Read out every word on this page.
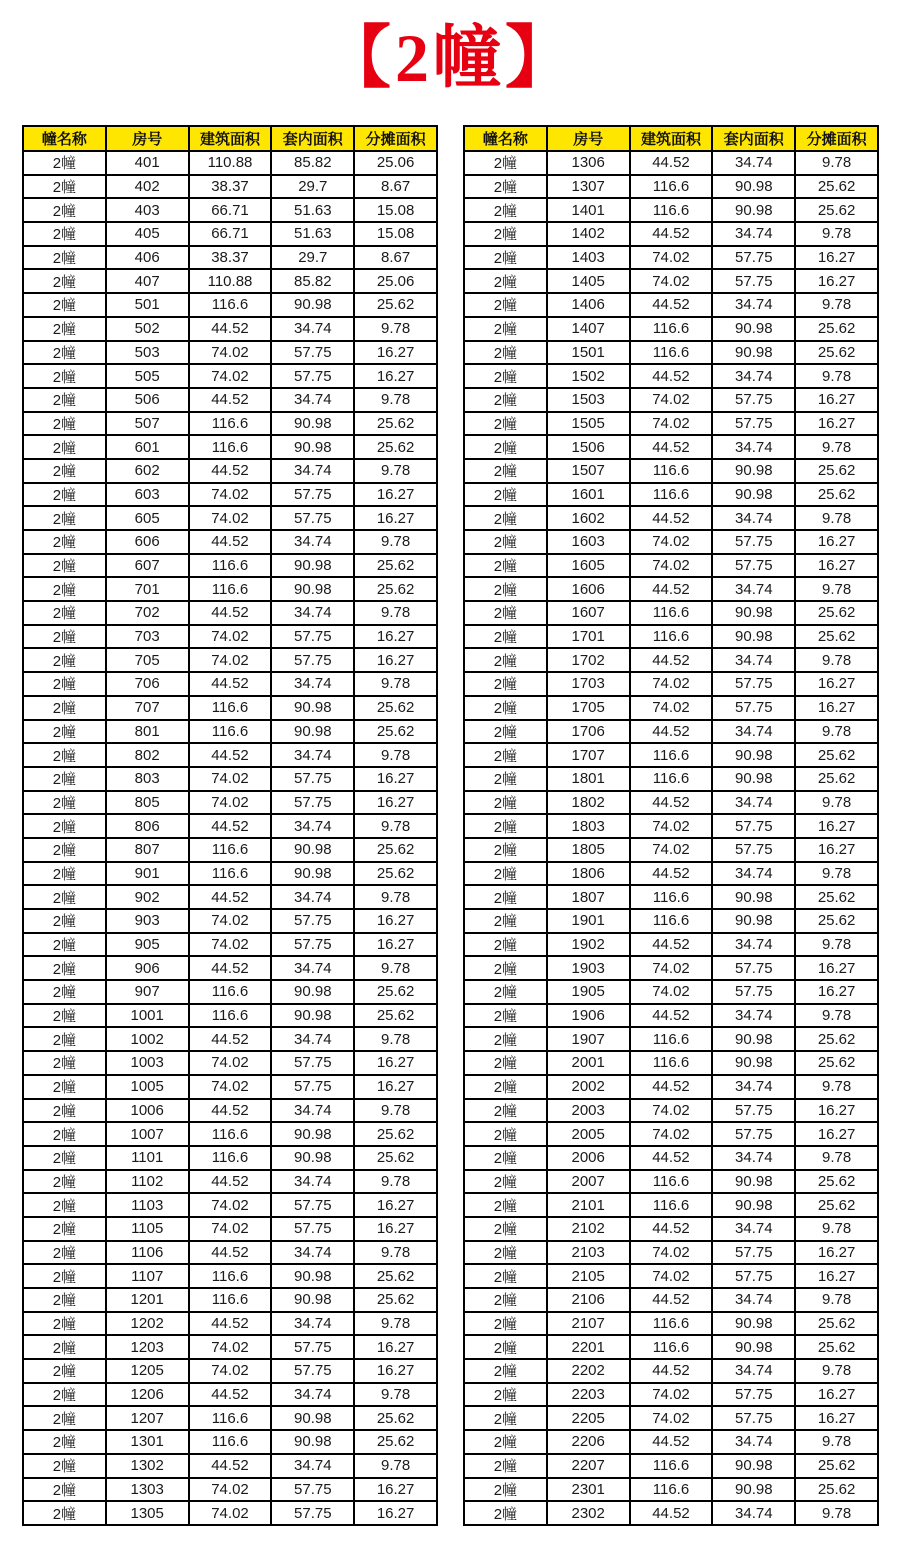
【2幢】
幢名称	房号	建筑面积	套内面积	分摊面积
2幢	401	110.88	85.82	25.06
2幢	402	38.37	29.7	8.67
2幢	403	66.71	51.63	15.08
2幢	405	66.71	51.63	15.08
2幢	406	38.37	29.7	8.67
2幢	407	110.88	85.82	25.06
2幢	501	116.6	90.98	25.62
2幢	502	44.52	34.74	9.78
2幢	503	74.02	57.75	16.27
2幢	505	74.02	57.75	16.27
2幢	506	44.52	34.74	9.78
2幢	507	116.6	90.98	25.62
2幢	601	116.6	90.98	25.62
2幢	602	44.52	34.74	9.78
2幢	603	74.02	57.75	16.27
2幢	605	74.02	57.75	16.27
2幢	606	44.52	34.74	9.78
2幢	607	116.6	90.98	25.62
2幢	701	116.6	90.98	25.62
2幢	702	44.52	34.74	9.78
2幢	703	74.02	57.75	16.27
2幢	705	74.02	57.75	16.27
2幢	706	44.52	34.74	9.78
2幢	707	116.6	90.98	25.62
2幢	801	116.6	90.98	25.62
2幢	802	44.52	34.74	9.78
2幢	803	74.02	57.75	16.27
2幢	805	74.02	57.75	16.27
2幢	806	44.52	34.74	9.78
2幢	807	116.6	90.98	25.62
2幢	901	116.6	90.98	25.62
2幢	902	44.52	34.74	9.78
2幢	903	74.02	57.75	16.27
2幢	905	74.02	57.75	16.27
2幢	906	44.52	34.74	9.78
2幢	907	116.6	90.98	25.62
2幢	1001	116.6	90.98	25.62
2幢	1002	44.52	34.74	9.78
2幢	1003	74.02	57.75	16.27
2幢	1005	74.02	57.75	16.27
2幢	1006	44.52	34.74	9.78
2幢	1007	116.6	90.98	25.62
2幢	1101	116.6	90.98	25.62
2幢	1102	44.52	34.74	9.78
2幢	1103	74.02	57.75	16.27
2幢	1105	74.02	57.75	16.27
2幢	1106	44.52	34.74	9.78
2幢	1107	116.6	90.98	25.62
2幢	1201	116.6	90.98	25.62
2幢	1202	44.52	34.74	9.78
2幢	1203	74.02	57.75	16.27
2幢	1205	74.02	57.75	16.27
2幢	1206	44.52	34.74	9.78
2幢	1207	116.6	90.98	25.62
2幢	1301	116.6	90.98	25.62
2幢	1302	44.52	34.74	9.78
2幢	1303	74.02	57.75	16.27
2幢	1305	74.02	57.75	16.27
幢名称	房号	建筑面积	套内面积	分摊面积
2幢	1306	44.52	34.74	9.78
2幢	1307	116.6	90.98	25.62
2幢	1401	116.6	90.98	25.62
2幢	1402	44.52	34.74	9.78
2幢	1403	74.02	57.75	16.27
2幢	1405	74.02	57.75	16.27
2幢	1406	44.52	34.74	9.78
2幢	1407	116.6	90.98	25.62
2幢	1501	116.6	90.98	25.62
2幢	1502	44.52	34.74	9.78
2幢	1503	74.02	57.75	16.27
2幢	1505	74.02	57.75	16.27
2幢	1506	44.52	34.74	9.78
2幢	1507	116.6	90.98	25.62
2幢	1601	116.6	90.98	25.62
2幢	1602	44.52	34.74	9.78
2幢	1603	74.02	57.75	16.27
2幢	1605	74.02	57.75	16.27
2幢	1606	44.52	34.74	9.78
2幢	1607	116.6	90.98	25.62
2幢	1701	116.6	90.98	25.62
2幢	1702	44.52	34.74	9.78
2幢	1703	74.02	57.75	16.27
2幢	1705	74.02	57.75	16.27
2幢	1706	44.52	34.74	9.78
2幢	1707	116.6	90.98	25.62
2幢	1801	116.6	90.98	25.62
2幢	1802	44.52	34.74	9.78
2幢	1803	74.02	57.75	16.27
2幢	1805	74.02	57.75	16.27
2幢	1806	44.52	34.74	9.78
2幢	1807	116.6	90.98	25.62
2幢	1901	116.6	90.98	25.62
2幢	1902	44.52	34.74	9.78
2幢	1903	74.02	57.75	16.27
2幢	1905	74.02	57.75	16.27
2幢	1906	44.52	34.74	9.78
2幢	1907	116.6	90.98	25.62
2幢	2001	116.6	90.98	25.62
2幢	2002	44.52	34.74	9.78
2幢	2003	74.02	57.75	16.27
2幢	2005	74.02	57.75	16.27
2幢	2006	44.52	34.74	9.78
2幢	2007	116.6	90.98	25.62
2幢	2101	116.6	90.98	25.62
2幢	2102	44.52	34.74	9.78
2幢	2103	74.02	57.75	16.27
2幢	2105	74.02	57.75	16.27
2幢	2106	44.52	34.74	9.78
2幢	2107	116.6	90.98	25.62
2幢	2201	116.6	90.98	25.62
2幢	2202	44.52	34.74	9.78
2幢	2203	74.02	57.75	16.27
2幢	2205	74.02	57.75	16.27
2幢	2206	44.52	34.74	9.78
2幢	2207	116.6	90.98	25.62
2幢	2301	116.6	90.98	25.62
2幢	2302	44.52	34.74	9.78
